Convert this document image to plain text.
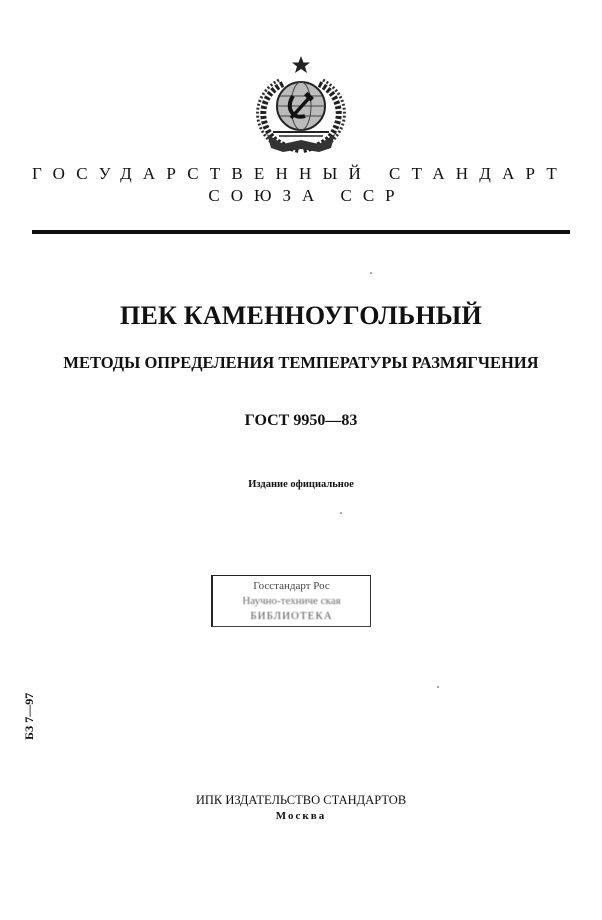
ГОСУДАРСТВЕННЫЙ СТАНДАРТ
СОЮЗА ССР
ПЕК КАМЕННОУГОЛЬНЫЙ
МЕТОДЫ ОПРЕДЕЛЕНИЯ ТЕМПЕРАТУРЫ РАЗМЯГЧЕНИЯ
ГОСТ 9950—83
Издание официальное
Госстандарт Рос
Научно-техниче ская
БИБЛИОТЕКА
БЗ 7—97
ИПК ИЗДАТЕЛЬСТВО СТАНДАРТОВ
Москва
